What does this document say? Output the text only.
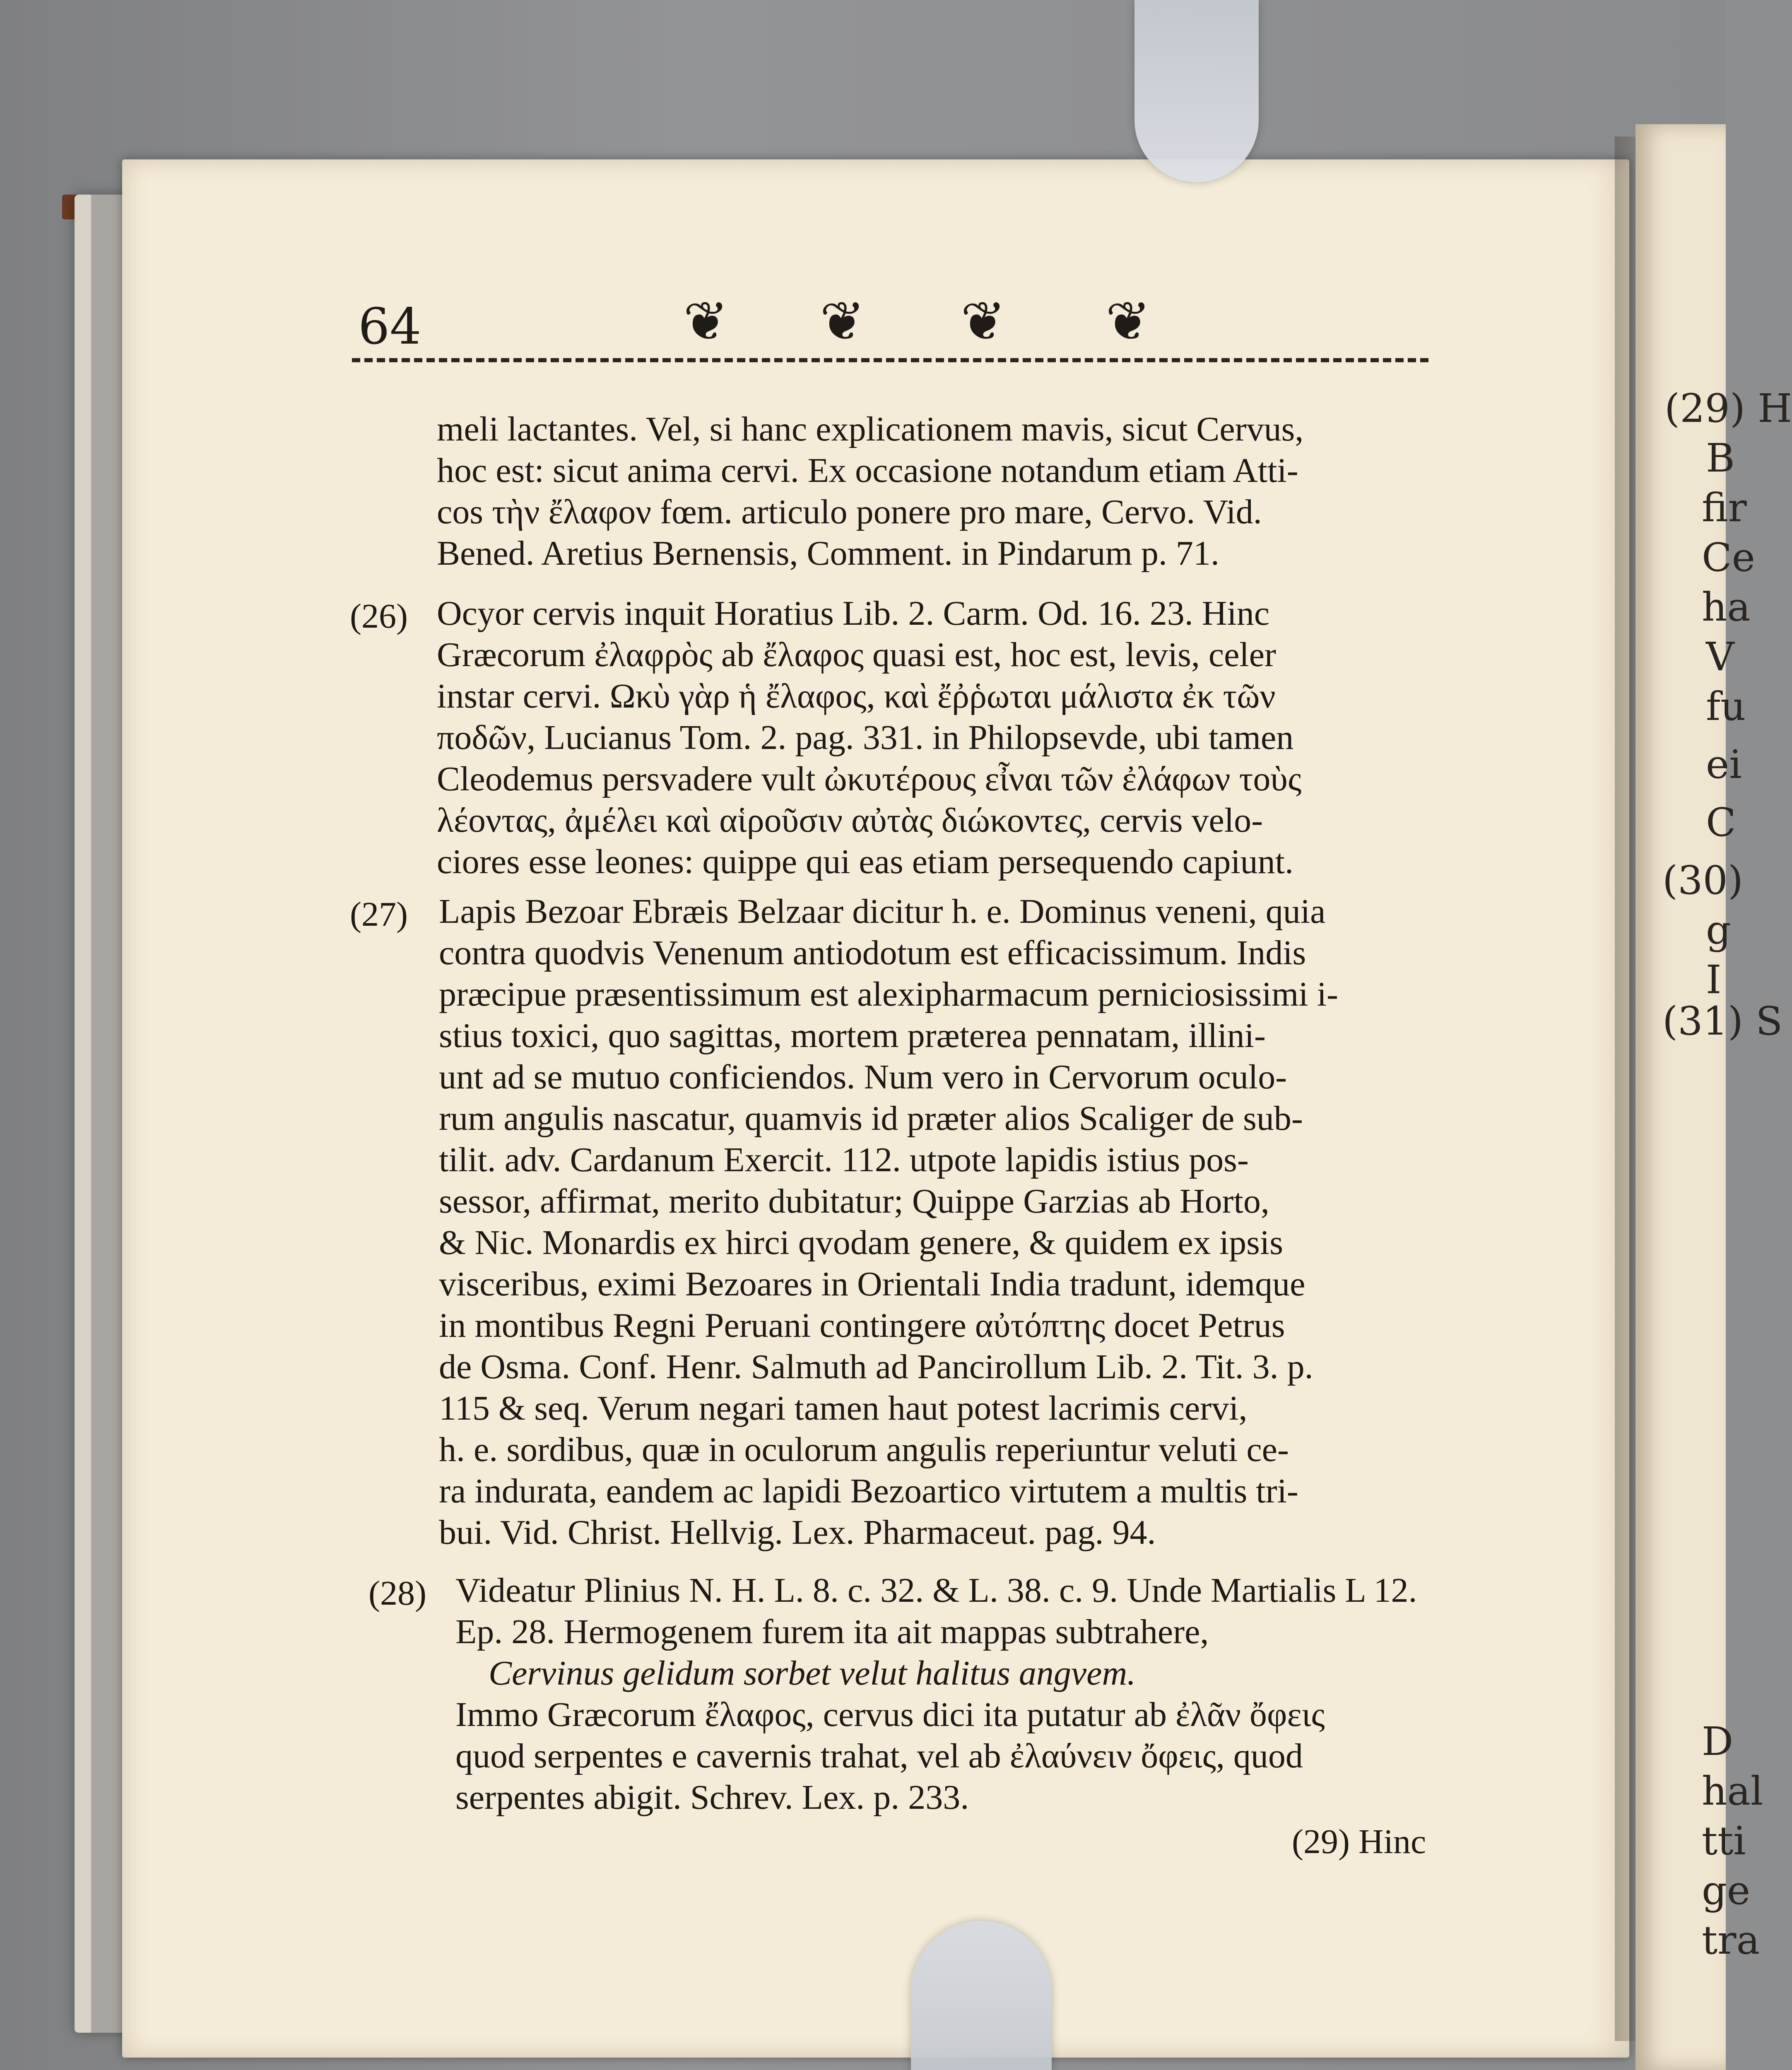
(29) H
B
fir
Ce
ha
V
fu
ei
C
(30)
g
I
(31) S
D
hal
tti
ge
tra
64	❦ ❦ ❦ ❦
(26)
(27)
(28)
meli lactantes. Vel, si hanc explicationem mavis, sicut Cervus,
hoc est: sicut anima cervi. Ex occasione notandum etiam Atti-
cos τὴν ἔλαφον fœm. articulo ponere pro mare, Cervo. Vid.
Bened. Aretius Bernensis, Comment. in Pindarum p. 71.
Ocyor cervis inquit Horatius Lib. 2. Carm. Od. 16. 23. Hinc
Græcorum ἐλαφρὸς ab ἔλαφος quasi est, hoc est, levis, celer
instar cervi. Ωκὺ γὰρ ἡ ἔλαφος, καὶ ἔῤῥωται μάλιστα ἐκ τῶν
ποδῶν, Lucianus Tom. 2. pag. 331. in Philopsevde, ubi tamen
Cleodemus persvadere vult ὠκυτέρους εἶναι τῶν ἐλάφων τοὺς
λέοντας, ἀμέλει καὶ αἱροῦσιν αὐτὰς διώκοντες, cervis velo-
ciores esse leones: quippe qui eas etiam persequendo capiunt.
Lapis Bezoar Ebræis Belzaar dicitur h. e. Dominus veneni, quia
contra quodvis Venenum antiodotum est efficacissimum. Indis
præcipue præsentissimum est alexipharmacum perniciosissimi i-
stius toxici, quo sagittas, mortem præterea pennatam, illini-
unt ad se mutuo conficiendos. Num vero in Cervorum oculo-
rum angulis nascatur, quamvis id præter alios Scaliger de sub-
tilit. adv. Cardanum Exercit. 112. utpote lapidis istius pos-
sessor, affirmat, merito dubitatur; Quippe Garzias ab Horto,
& Nic. Monardis ex hirci qvodam genere, & quidem ex ipsis
visceribus, eximi Bezoares in Orientali India tradunt, idemque
in montibus Regni Peruani contingere αὐτόπτης docet Petrus
de Osma. Conf. Henr. Salmuth ad Pancirollum Lib. 2. Tit. 3. p.
115 & seq. Verum negari tamen haut potest lacrimis cervi,
h. e. sordibus, quæ in oculorum angulis reperiuntur veluti ce-
ra indurata, eandem ac lapidi Bezoartico virtutem a multis tri-
bui. Vid. Christ. Hellvig. Lex. Pharmaceut. pag. 94.
Videatur Plinius N. H. L. 8. c. 32. & L. 38. c. 9. Unde Martialis L 12.
Ep. 28. Hermogenem furem ita ait mappas subtrahere,
Cervinus gelidum sorbet velut halitus angvem.
Immo Græcorum ἔλαφος, cervus dici ita putatur ab ἐλᾶν ὄφεις
quod serpentes e cavernis trahat, vel ab ἐλαύνειν ὄφεις, quod
serpentes abigit. Schrev. Lex. p. 233.
(29) Hinc
